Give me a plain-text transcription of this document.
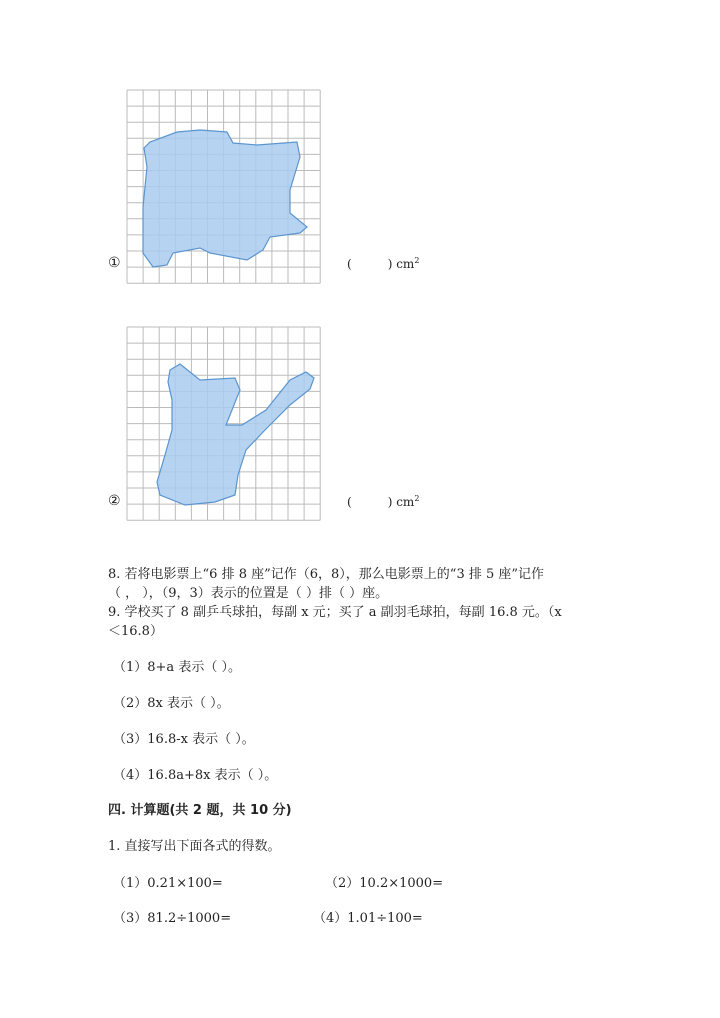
①	(	) $cm^2$
②	(	) $cm^2$
8. 若将电影票上“6 排 8 座”记作（6，8），那么电影票上的“3 排 5 座”记作
（ ， ），（9，3）表示的位置是（ ）排（ ）座。
9. 学校买了 8 副乒乓球拍，每副 x 元；买了 a 副羽毛球拍，每副 16.8 元。（x
＜16.8）
（1）8+a 表示（ ）。
（2）8x 表示（ ）。
（3）16.8-x 表示（ ）。
（4）16.8a+8x 表示（ ）。
四. 计算题(共 2 题，共 10 分)
1. 直接写出下面各式的得数。
（1）0.21×100=	（2）10.2×1000=
（3）81.2÷1000=	（4）1.01÷100=
